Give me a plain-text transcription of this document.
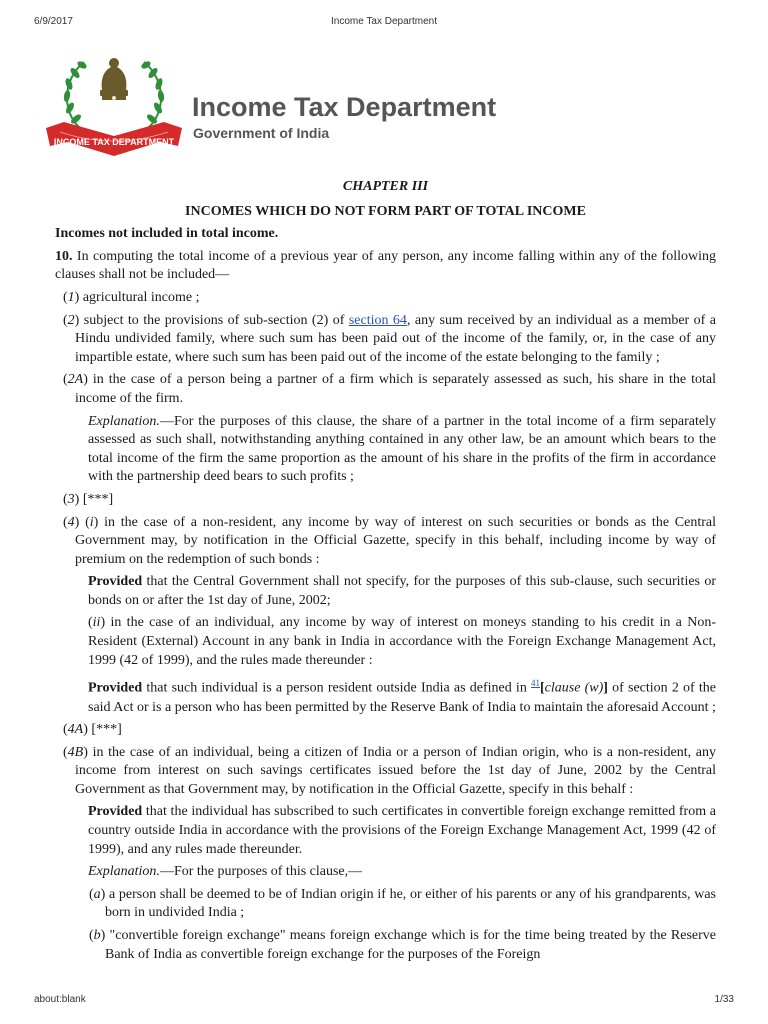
6/9/2017	Income Tax Department
INCOME TAX DEPARTMENT
Income Tax Department
Government of India
CHAPTER III
INCOMES WHICH DO NOT FORM PART OF TOTAL INCOME
Incomes not included in total income.

10. In computing the total income of a previous year of any person, any income falling within any of the following clauses shall not be included—

(1) agricultural income ;

(2) subject to the provisions of sub-section (2) of section 64, any sum received by an individual as a member of a Hindu undivided family, where such sum has been paid out of the income of the family, or, in the case of any impartible estate, where such sum has been paid out of the income of the estate belonging to the family ;

(2A) in the case of a person being a partner of a firm which is separately assessed as such, his share in the total income of the firm.

Explanation.—For the purposes of this clause, the share of a partner in the total income of a firm separately assessed as such shall, notwithstanding anything contained in any other law, be an amount which bears to the total income of the firm the same proportion as the amount of his share in the profits of the firm in accordance with the partnership deed bears to such profits ;

(3) [***]

(4) (i) in the case of a non-resident, any income by way of interest on such securities or bonds as the Central Government may, by notification in the Official Gazette, specify in this behalf, including income by way of premium on the redemption of such bonds :

Provided that the Central Government shall not specify, for the purposes of this sub-clause, such securities or bonds on or after the 1st day of June, 2002;

(ii) in the case of an individual, any income by way of interest on moneys standing to his credit in a Non-Resident (External) Account in any bank in India in accordance with the Foreign Exchange Management Act, 1999 (42 of 1999), and the rules made thereunder :

Provided that such individual is a person resident outside India as defined in $^{41}$[clause (w)] of section 2 of the said Act or is a person who has been permitted by the Reserve Bank of India to maintain the aforesaid Account ;

(4A) [***]

(4B) in the case of an individual, being a citizen of India or a person of Indian origin, who is a non-resident, any income from interest on such savings certificates issued before the 1st day of June, 2002 by the Central Government as that Government may, by notification in the Official Gazette, specify in this behalf :

Provided that the individual has subscribed to such certificates in convertible foreign exchange remitted from a country outside India in accordance with the provisions of the Foreign Exchange Management Act, 1999 (42 of 1999), and any rules made thereunder.

Explanation.—For the purposes of this clause,—

(a) a person shall be deemed to be of Indian origin if he, or either of his parents or any of his grandparents, was born in undivided India ;

(b) "convertible foreign exchange" means foreign exchange which is for the time being treated by the Reserve Bank of India as convertible foreign exchange for the purposes of the Foreign

about:blank	1/33
